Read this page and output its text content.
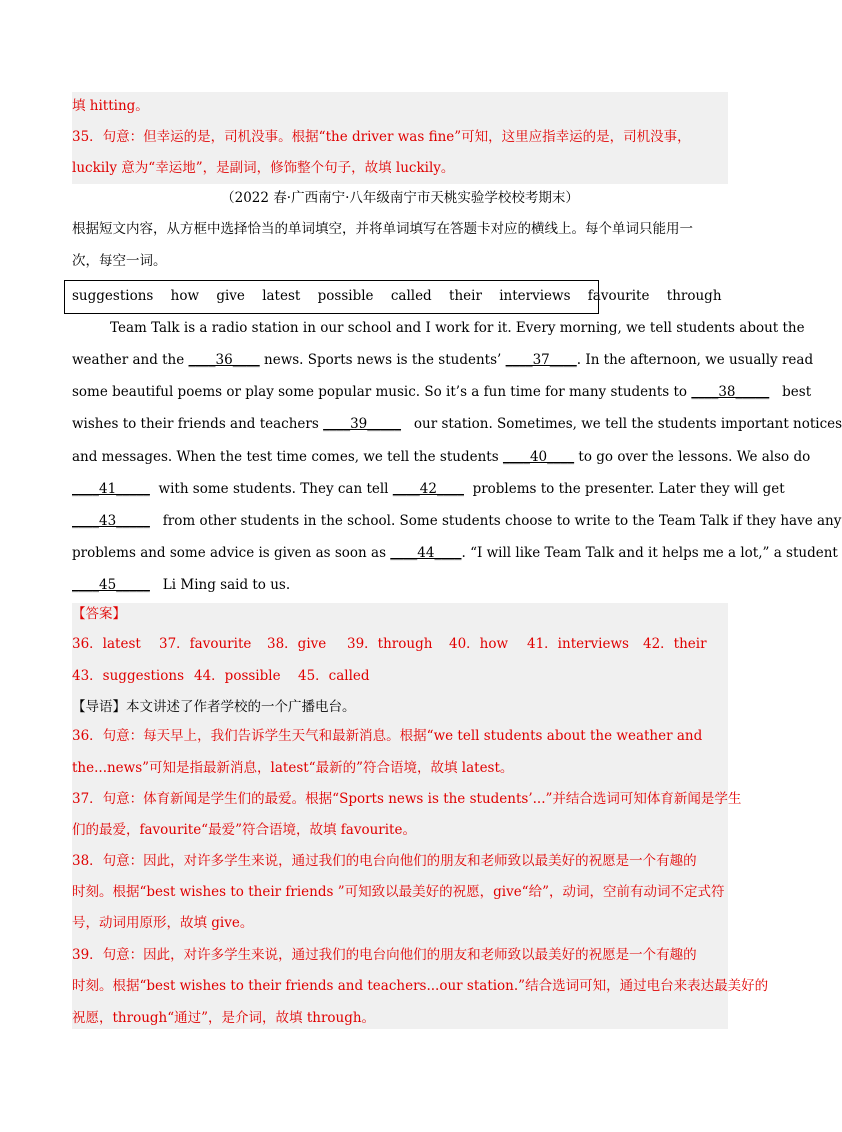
填 hitting。
35．句意：但幸运的是，司机没事。根据“the driver was fine”可知，这里应指幸运的是，司机没事，
luckily 意为“幸运地”，是副词，修饰整个句子，故填 luckily。
（2022 春·广西南宁·八年级南宁市天桃实验学校校考期末）
根据短文内容，从方框中选择恰当的单词填空，并将单词填写在答题卡对应的横线上。每个单词只能用一
次，每空一词。
suggestions how give latest possible called their interviews favourite through
Team Talk is a radio station in our school and I work for it. Every morning, we tell students about the
weather and the ____36____ news. Sports news is the students’ ____37____. In the afternoon, we usually read
some beautiful poems or play some popular music. So it’s a fun time for many students to ____38_____   best
wishes to their friends and teachers ____39_____   our station. Sometimes, we tell the students important notices
and messages. When the test time comes, we tell the students ____40____ to go over the lessons. We also do
____41_____  with some students. They can tell ____42____  problems to the presenter. Later they will get
____43_____   from other students in the school. Some students choose to write to the Team Talk if they have any
problems and some advice is given as soon as ____44____. “I will like Team Talk and it helps me a lot,” a student
____45_____   Li Ming said to us.
【答案】
36．latest 37．favourite 38．give 39．through 40．how 41．interviews 42．their
43．suggestions 44．possible 45．called
【导语】本文讲述了作者学校的一个广播电台。
36．句意：每天早上，我们告诉学生天气和最新消息。根据“we tell students about the weather and
the...news”可知是指最新消息，latest“最新的”符合语境，故填 latest。
37．句意：体育新闻是学生们的最爱。根据“Sports news is the students’...”并结合选词可知体育新闻是学生
们的最爱，favourite“最爱”符合语境，故填 favourite。
38．句意：因此，对许多学生来说，通过我们的电台向他们的朋友和老师致以最美好的祝愿是一个有趣的
时刻。根据“best wishes to their friends ”可知致以最美好的祝愿，give“给”，动词，空前有动词不定式符
号，动词用原形，故填 give。
39．句意：因此，对许多学生来说，通过我们的电台向他们的朋友和老师致以最美好的祝愿是一个有趣的
时刻。根据“best wishes to their friends and teachers...our station.”结合选词可知，通过电台来表达最美好的
祝愿，through“通过”，是介词，故填 through。
